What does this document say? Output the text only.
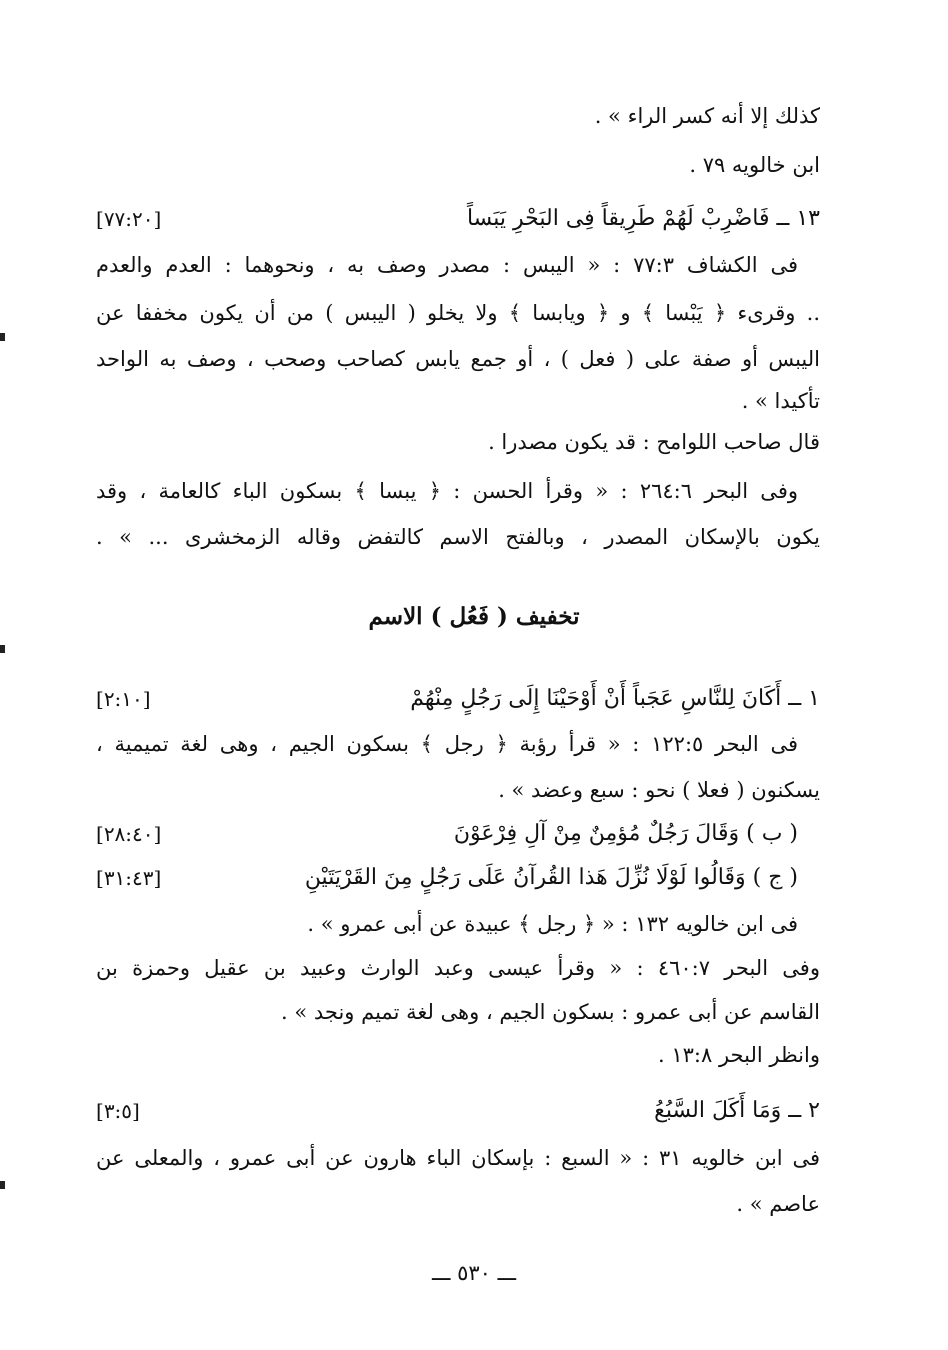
كذلك إلا أنه كسر الراء » .
ابن خالويه ٧٩ .
١٣ ــ فَاضْرِبْ لَهُمْ طَرِيقاً فِى البَحْرِ يَبَساً
[٧٧:٢٠]
فى الكشاف ٧٧:٣ : « اليبس : مصدر وصف به ، ونحوهما : العدم والعدم
.. وقرىء ﴿ يَبْسا ﴾ و ﴿ ويابسا ﴾ ولا يخلو ( اليبس ) من أن يكون مخففا عن
اليبس أو صفة على ( فعل ) ، أو جمع يابس كصاحب وصحب ، وصف به الواحد
تأكيدا » .
قال صاحب اللوامح : قد يكون مصدرا .
وفى البحر ٢٦٤:٦ : « وقرأ الحسن : ﴿ يبسا ﴾ بسكون الباء كالعامة ، وقد
يكون بالإسكان المصدر ، وبالفتح الاسم كالتفض وقاله الزمخشرى ... » .
تخفيف ( فَعُل ) الاسم
١ ــ أَكَانَ لِلنَّاسِ عَجَباً أَنْ أَوْحَيْنَا إِلَى رَجُلٍ مِنْهُمْ
[٢:١٠]
فى البحر ١٢٢:٥ : « قرأ رؤبة ﴿ رجل ﴾ بسكون الجيم ، وهى لغة تميمية ،
يسكنون ( فعلا ) نحو : سبع وعضد » .
( ب ) وَقَالَ رَجُلٌ مُؤمِنٌ مِنْ آلِ فِرْعَوْنَ
[٢٨:٤٠]
( ج ) وَقَالُوا لَوْلَا نُزِّلَ هَذا القُرآنُ عَلَى رَجُلٍ مِنَ القَرْيَتَيْنِ
[٣١:٤٣]
فى ابن خالويه ١٣٢ : « ﴿ رجل ﴾ عبيدة عن أبى عمرو » .
وفى البحر ٤٦٠:٧ : « وقرأ عيسى وعبد الوارث وعبيد بن عقيل وحمزة بن
القاسم عن أبى عمرو : بسكون الجيم ، وهى لغة تميم ونجد » .
وانظر البحر ١٣:٨ .
٢ ــ وَمَا أَكَلَ السَّبُعُ
[٣:٥]
فى ابن خالويه ٣١ : « السبع : بإسكان الباء هارون عن أبى عمرو ، والمعلى عن
عاصم » .
ـــ ٥٣٠ ـــ
